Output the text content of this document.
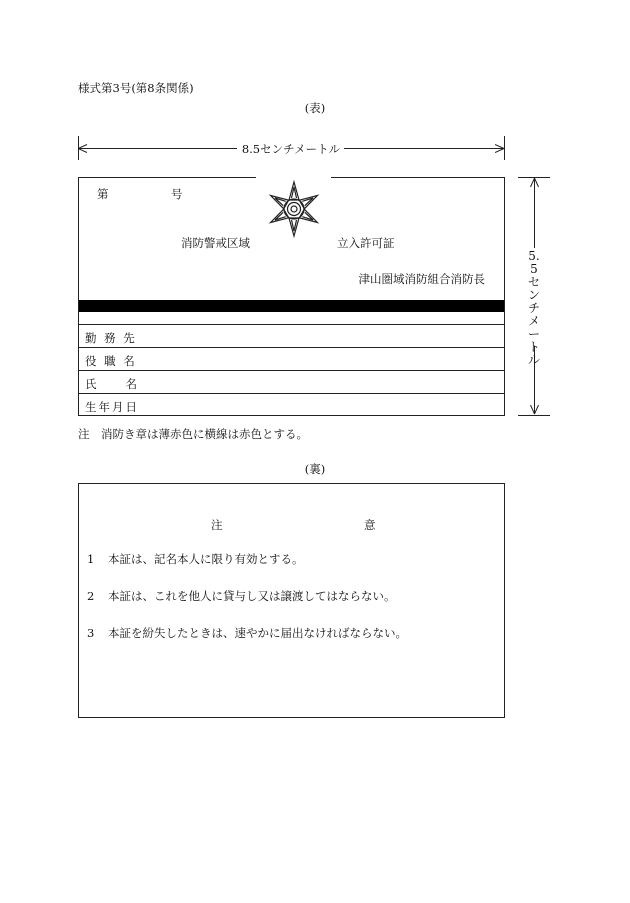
様式第3号(第8条関係)
(表)
8.5センチメートル
5.5センチメートル
第	号
消防警戒区域	立入許可証
津山圏域消防組合消防長
勤 務 先
役 職 名
氏　　名
生年月日
注　消防き章は薄赤色に横線は赤色とする。
(裏)
注	意
1 本証は、記名本人に限り有効とする。
2 本証は、これを他人に貸与し又は譲渡してはならない。
3 本証を紛失したときは、速やかに届出なければならない。
